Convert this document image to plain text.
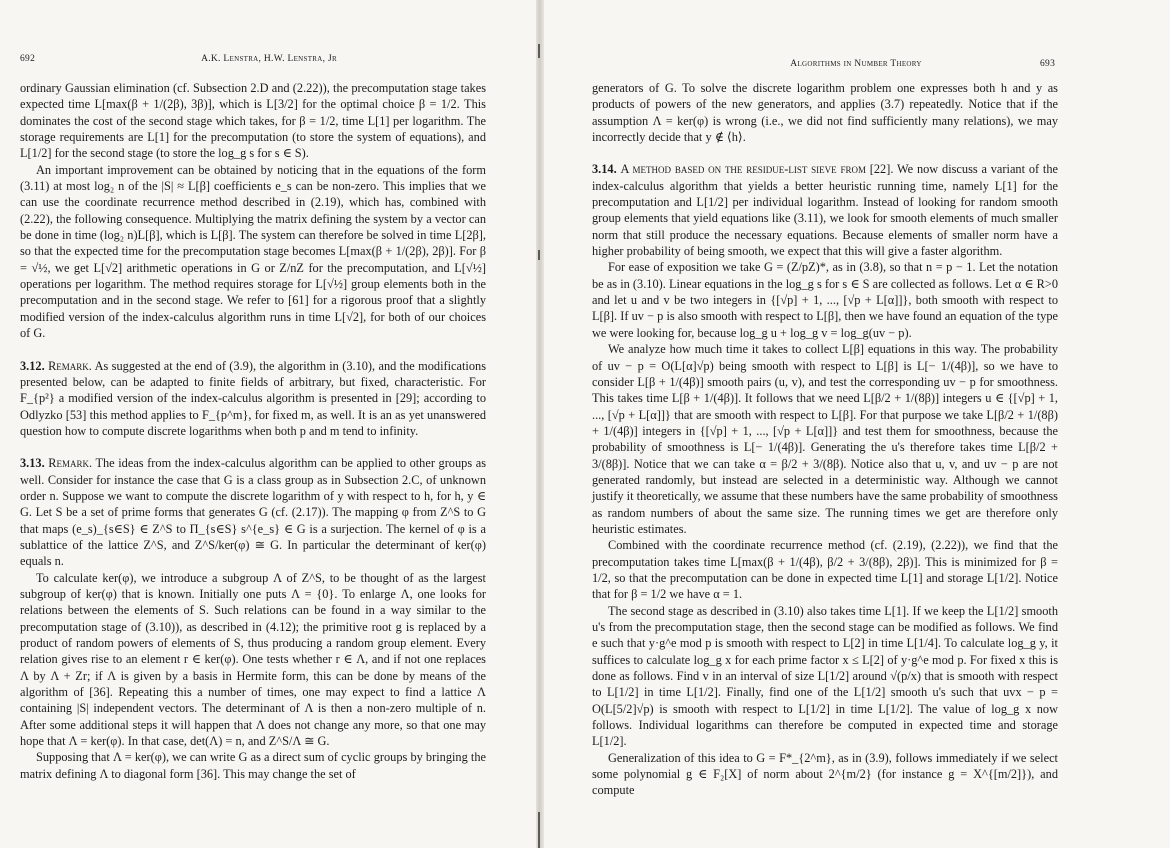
692	A.K. Lenstra, H.W. Lenstra, Jr	Algorithms in Number Theory	693

ordinary Gaussian elimination (cf. Subsection 2.D and (2.22)), the precomputation stage takes expected time L[max(β + 1/(2β), 3β)], which is L[3/2] for the optimal choice β = 1/2. This dominates the cost of the second stage which takes, for β = 1/2, time L[1] per logarithm. The storage requirements are L[1] for the precomputation (to store the system of equations), and L[1/2] for the second stage (to store the log_g s for s ∈ S).

An important improvement can be obtained by noticing that in the equations of the form (3.11) at most log₂ n of the |S| ≈ L[β] coefficients e_s can be non-zero. This implies that we can use the coordinate recurrence method described in (2.19), which has, combined with (2.22), the following consequence. Multiplying the matrix defining the system by a vector can be done in time (log₂ n)L[β], which is L[β]. The system can therefore be solved in time L[2β], so that the expected time for the precomputation stage becomes L[max(β + 1/(2β), 2β)]. For β = √½, we get L[√2] arithmetic operations in G or Z/nZ for the precomputation, and L[√½] operations per logarithm. The method requires storage for L[√½] group elements both in the precomputation and in the second stage. We refer to [61] for a rigorous proof that a slightly modified version of the index-calculus algorithm runs in time L[√2], for both of our choices of G.

3.12. Remark. As suggested at the end of (3.9), the algorithm in (3.10), and the modifications presented below, can be adapted to finite fields of arbitrary, but fixed, characteristic. For F_{p²} a modified version of the index-calculus algorithm is presented in [29]; according to Odlyzko [53] this method applies to F_{p^m}, for fixed m, as well. It is an as yet unanswered question how to compute discrete logarithms when both p and m tend to infinity.

3.13. Remark. The ideas from the index-calculus algorithm can be applied to other groups as well. Consider for instance the case that G is a class group as in Subsection 2.C, of unknown order n. Suppose we want to compute the discrete logarithm of y with respect to h, for h, y ∈ G. Let S be a set of prime forms that generates G (cf. (2.17)). The mapping φ from Z^S to G that maps (e_s)_{s∈S} ∈ Z^S to Π_{s∈S} s^{e_s} ∈ G is a surjection. The kernel of φ is a sublattice of the lattice Z^S, and Z^S/ker(φ) ≅ G. In particular the determinant of ker(φ) equals n.

To calculate ker(φ), we introduce a subgroup Λ of Z^S, to be thought of as the largest subgroup of ker(φ) that is known. Initially one puts Λ = {0}. To enlarge Λ, one looks for relations between the elements of S. Such relations can be found in a way similar to the precomputation stage of (3.10)), as described in (4.12); the primitive root g is replaced by a product of random powers of elements of S, thus producing a random group element. Every relation gives rise to an element r ∈ ker(φ). One tests whether r ∈ Λ, and if not one replaces Λ by Λ + Zr; if Λ is given by a basis in Hermite form, this can be done by means of the algorithm of [36]. Repeating this a number of times, one may expect to find a lattice Λ containing |S| independent vectors. The determinant of Λ is then a non-zero multiple of n. After some additional steps it will happen that Λ does not change any more, so that one may hope that Λ = ker(φ). In that case, det(Λ) = n, and Z^S/Λ ≅ G.

Supposing that Λ = ker(φ), we can write G as a direct sum of cyclic groups by bringing the matrix defining Λ to diagonal form [36]. This may change the set of

generators of G. To solve the discrete logarithm problem one expresses both h and y as products of powers of the new generators, and applies (3.7) repeatedly. Notice that if the assumption Λ = ker(φ) is wrong (i.e., we did not find sufficiently many relations), we may incorrectly decide that y ∉ ⟨h⟩.

3.14. A method based on the residue-list sieve from [22]. We now discuss a variant of the index-calculus algorithm that yields a better heuristic running time, namely L[1] for the precomputation and L[1/2] per individual logarithm. Instead of looking for random smooth group elements that yield equations like (3.11), we look for smooth elements of much smaller norm that still produce the necessary equations. Because elements of smaller norm have a higher probability of being smooth, we expect that this will give a faster algorithm.

For ease of exposition we take G = (Z/pZ)*, as in (3.8), so that n = p − 1. Let the notation be as in (3.10). Linear equations in the log_g s for s ∈ S are collected as follows. Let α ∈ R>0 and let u and v be two integers in {[√p] + 1, ..., [√p + L[α]]}, both smooth with respect to L[β]. If uv − p is also smooth with respect to L[β], then we have found an equation of the type we were looking for, because log_g u + log_g v = log_g(uv − p).

We analyze how much time it takes to collect L[β] equations in this way. The probability of uv − p = O(L[α]√p) being smooth with respect to L[β] is L[− 1/(4β)], so we have to consider L[β + 1/(4β)] smooth pairs (u, v), and test the corresponding uv − p for smoothness. This takes time L[β + 1/(4β)]. It follows that we need L[β/2 + 1/(8β)] integers u ∈ {[√p] + 1, ..., [√p + L[α]]} that are smooth with respect to L[β]. For that purpose we take L[β/2 + 1/(8β) + 1/(4β)] integers in {[√p] + 1, ..., [√p + L[α]]} and test them for smoothness, because the probability of smoothness is L[− 1/(4β)]. Generating the u's therefore takes time L[β/2 + 3/(8β)]. Notice that we can take α = β/2 + 3/(8β). Notice also that u, v, and uv − p are not generated randomly, but instead are selected in a deterministic way. Although we cannot justify it theoretically, we assume that these numbers have the same probability of smoothness as random numbers of about the same size. The running times we get are therefore only heuristic estimates.

Combined with the coordinate recurrence method (cf. (2.19), (2.22)), we find that the precomputation takes time L[max(β + 1/(4β), β/2 + 3/(8β), 2β)]. This is minimized for β = 1/2, so that the precomputation can be done in expected time L[1] and storage L[1/2]. Notice that for β = 1/2 we have α = 1.

The second stage as described in (3.10) also takes time L[1]. If we keep the L[1/2] smooth u's from the precomputation stage, then the second stage can be modified as follows. We find e such that y·g^e mod p is smooth with respect to L[2] in time L[1/4]. To calculate log_g y, it suffices to calculate log_g x for each prime factor x ≤ L[2] of y·g^e mod p. For fixed x this is done as follows. Find v in an interval of size L[1/2] around √(p/x) that is smooth with respect to L[1/2] in time L[1/2]. Finally, find one of the L[1/2] smooth u's such that uvx − p = O(L[5/2]√p) is smooth with respect to L[1/2] in time L[1/2]. The value of log_g x now follows. Individual logarithms can therefore be computed in expected time and storage L[1/2].

Generalization of this idea to G = F*_{2^m}, as in (3.9), follows immediately if we select some polynomial g ∈ F₂[X] of norm about 2^{m/2} (for instance g = X^{[m/2]}), and compute
